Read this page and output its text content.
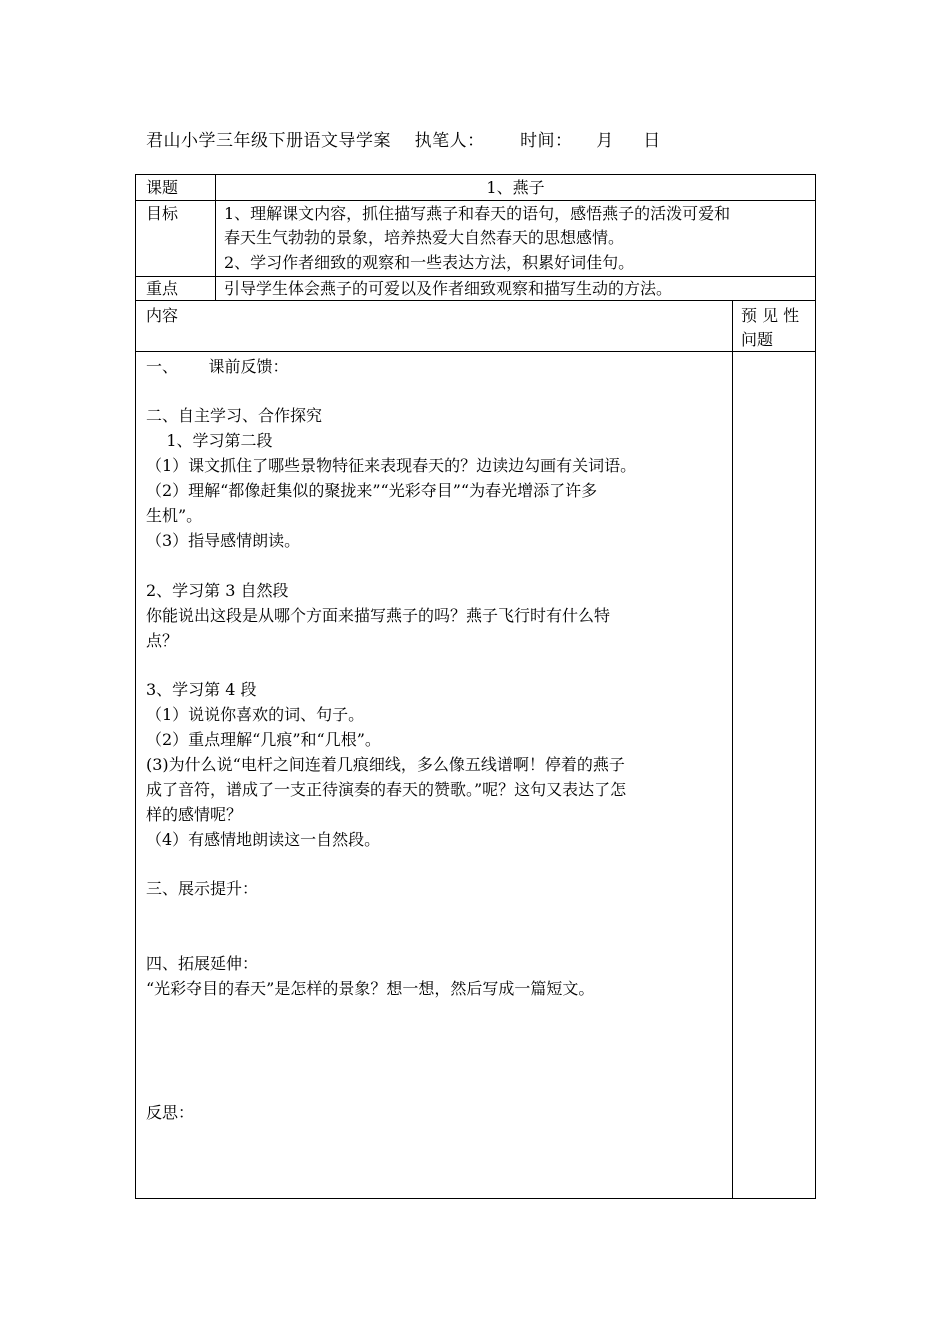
君山小学三年级下册语文导学案 执笔人： 时间： 月 日
课题	1、燕子
目标	1、理解课文内容，抓住描写燕子和春天的语句，感悟燕子的活泼可爱和
春天生气勃勃的景象，培养热爱大自然春天的思想感情。
2、学习作者细致的观察和一些表达方法，积累好词佳句。
重点	引导学生体会燕子的可爱以及作者细致观察和描写生动的方法。
内容	预 见 性
问题
一、      课前反馈：
二、自主学习、合作探究
1、学习第二段
（1）课文抓住了哪些景物特征来表现春天的？边读边勾画有关词语。
（2）理解“都像赶集似的聚拢来”“光彩夺目”“为春光增添了许多
生机”。
（3）指导感情朗读。
2、学习第 3 自然段
你能说出这段是从哪个方面来描写燕子的吗？燕子飞行时有什么特
点？
3、学习第 4 段
（1）说说你喜欢的词、句子。
（2）重点理解“几痕”和“几根”。
(3)为什么说“电杆之间连着几痕细线，多么像五线谱啊！停着的燕子
成了音符，谱成了一支正待演奏的春天的赞歌。”呢？这句又表达了怎
样的感情呢？
（4）有感情地朗读这一自然段。
三、展示提升：
四、拓展延伸：
“光彩夺目的春天”是怎样的景象？想一想，然后写成一篇短文。
反思：
